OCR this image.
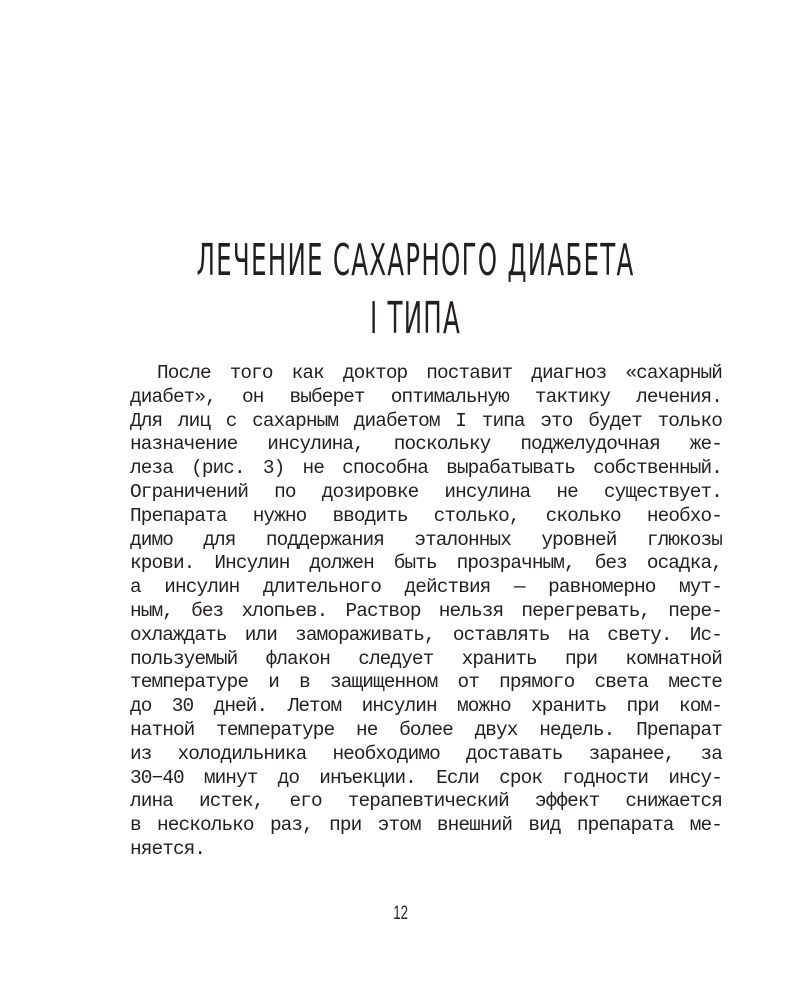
ЛЕЧЕНИЕ САХАРНОГО ДИАБЕТА
I ТИПА
После того как доктор поставит диагноз «сахарный
диабет», он выберет оптимальную тактику лечения.
Для лиц с сахарным диабетом I типа это будет только
назначение инсулина, поскольку поджелудочная же-
леза (рис. 3) не способна вырабатывать собственный.
Ограничений по дозировке инсулина не существует.
Препарата нужно вводить столько, сколько необхо-
димо для поддержания эталонных уровней глюкозы
крови. Инсулин должен быть прозрачным, без осадка,
а инсулин длительного действия — равномерно мут-
ным, без хлопьев. Раствор нельзя перегревать, пере-
охлаждать или замораживать, оставлять на свету. Ис-
пользуемый флакон следует хранить при комнатной
температуре и в защищенном от прямого света месте
до 30 дней. Летом инсулин можно хранить при ком-
натной температуре не более двух недель. Препарат
из холодильника необходимо доставать заранее, за
30−40 минут до инъекции. Если срок годности инсу-
лина истек, его терапевтический эффект снижается
в несколько раз, при этом внешний вид препарата ме-
няется.
12
